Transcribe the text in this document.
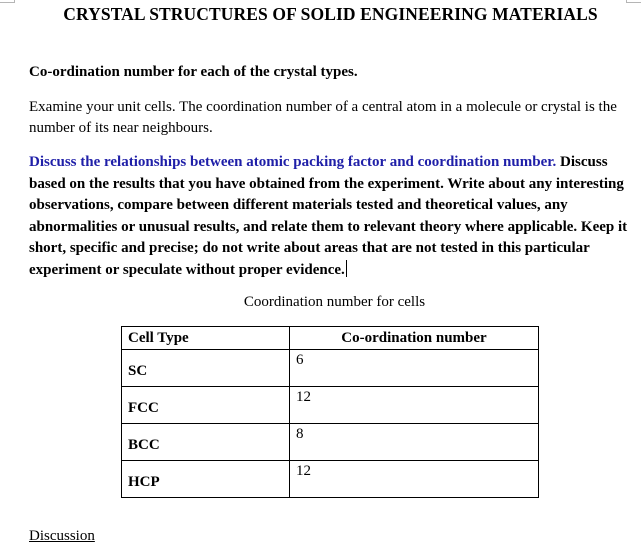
CRYSTAL STRUCTURES OF SOLID ENGINEERING MATERIALS
Co-ordination number for each of the crystal types.
Examine your unit cells. The coordination number of a central atom in a molecule or crystal is the number of its near neighbours.
Discuss the relationships between atomic packing factor and coordination number. Discuss based on the results that you have obtained from the experiment. Write about any interesting observations, compare between different materials tested and theoretical values, any abnormalities or unusual results, and relate them to relevant theory where applicable. Keep it short, specific and precise; do not write about areas that are not tested in this particular experiment or speculate without proper evidence.
Coordination number for cells
Cell Type	Co-ordination number
SC	6
FCC	12
BCC	8
HCP	12
Discussion
